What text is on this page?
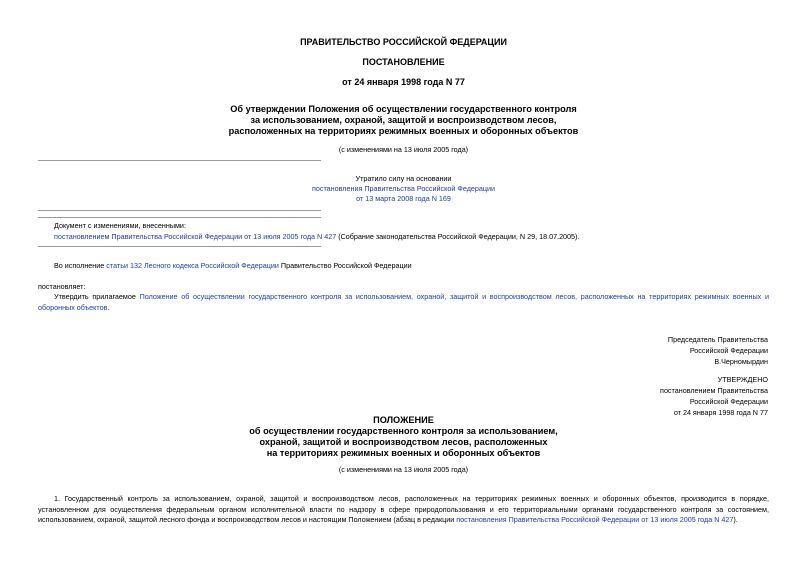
ПРАВИТЕЛЬСТВО РОССИЙСКОЙ ФЕДЕРАЦИИ
ПОСТАНОВЛЕНИЕ
от 24 января 1998 года N 77
Об утверждении Положения об осуществлении государственного контроля
за использованием, охраной, защитой и воспроизводством лесов,
расположенных на территориях режимных военных и оборонных объектов
(с изменениями на 13 июля 2005 года)
Утратило силу на основании
постановления Правительства Российской Федерации
от 13 марта 2008 года N 169
Документ с изменениями, внесенными:
постановлением Правительства Российской Федерации от 13 июля 2005 года N 427 (Собрание законодательства Российской Федерации, N 29, 18.07.2005).
Во исполнение статьи 132 Лесного кодекса Российской Федерации Правительство Российской Федерации
постановляет:
Утвердить прилагаемое Положение об осуществлении государственного контроля за использованием, охраной, защитой и воспроизводством лесов, расположенных на территориях режимных военных и оборонных объектов.
Председатель Правительства
Российской Федерации
В.Черномырдин
УТВЕРЖДЕНО
постановлением Правительства
Российской Федерации
от 24 января 1998 года N 77
ПОЛОЖЕНИЕ
об осуществлении государственного контроля за использованием,
охраной, защитой и воспроизводством лесов, расположенных
на территориях режимных военных и оборонных объектов
(с изменениями на 13 июля 2005 года)
1. Государственный контроль за использованием, охраной, защитой и воспроизводством лесов, расположенных на территориях режимных военных и оборонных объектов, производится в порядке, установленном для осуществления федеральным органом исполнительной власти по надзору в сфере природопользования и его территориальными органами государственного контроля за состоянием, использованием, охраной, защитой лесного фонда и воспроизводством лесов и настоящим Положением (абзац в редакции постановления Правительства Российской Федерации от 13 июля 2005 года N 427).
